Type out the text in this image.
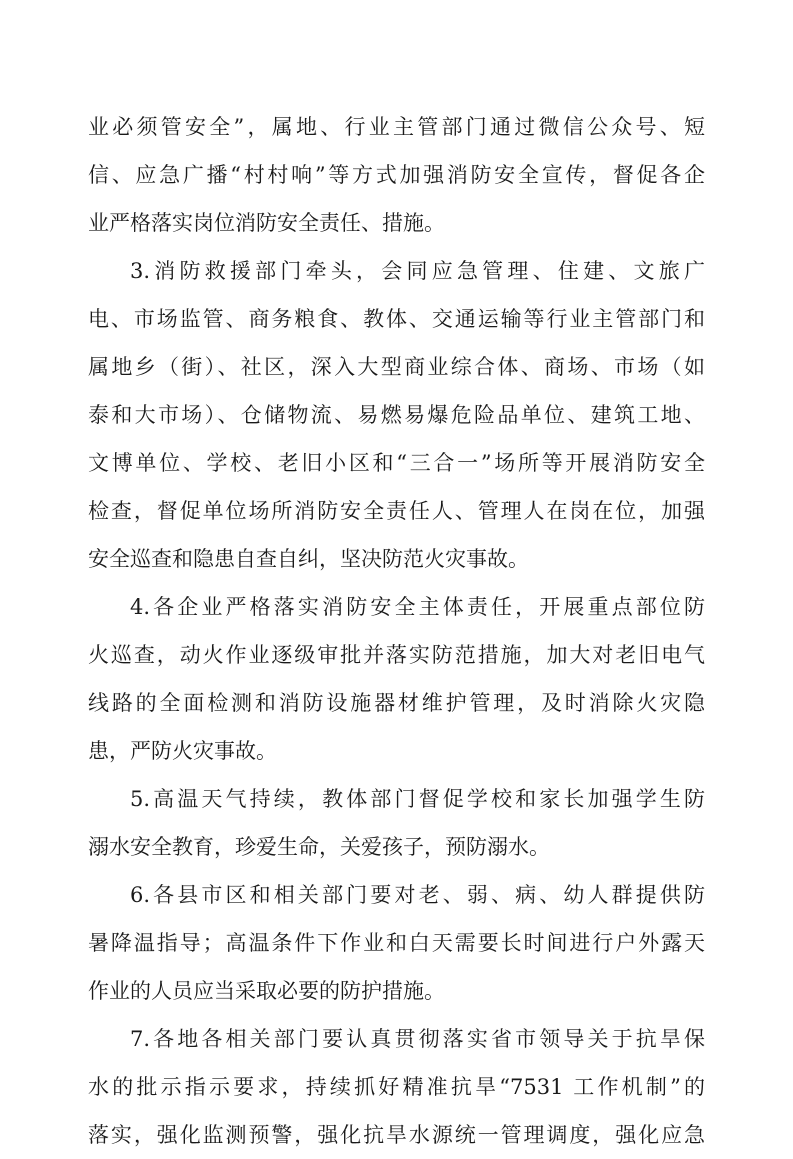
业必须管安全”，属地、行业主管部门通过微信公众号、短
信、应急广播“村村响”等方式加强消防安全宣传，督促各企
业严格落实岗位消防安全责任、措施。
3.消防救援部门牵头，会同应急管理、住建、文旅广
电、市场监管、商务粮食、教体、交通运输等行业主管部门和
属地乡（街）、社区，深入大型商业综合体、商场、市场（如
泰和大市场）、仓储物流、易燃易爆危险品单位、建筑工地、
文博单位、学校、老旧小区和“三合一”场所等开展消防安全
检查，督促单位场所消防安全责任人、管理人在岗在位，加强
安全巡查和隐患自查自纠，坚决防范火灾事故。
4.各企业严格落实消防安全主体责任，开展重点部位防
火巡查，动火作业逐级审批并落实防范措施，加大对老旧电气
线路的全面检测和消防设施器材维护管理，及时消除火灾隐
患，严防火灾事故。
5.高温天气持续，教体部门督促学校和家长加强学生防
溺水安全教育，珍爱生命，关爱孩子，预防溺水。
6.各县市区和相关部门要对老、弱、病、幼人群提供防
暑降温指导；高温条件下作业和白天需要长时间进行户外露天
作业的人员应当采取必要的防护措施。
7.各地各相关部门要认真贯彻落实省市领导关于抗旱保
水的批示指示要求，持续抓好精准抗旱“7531 工作机制”的
落实，强化监测预警，强化抗旱水源统一管理调度，强化应急
